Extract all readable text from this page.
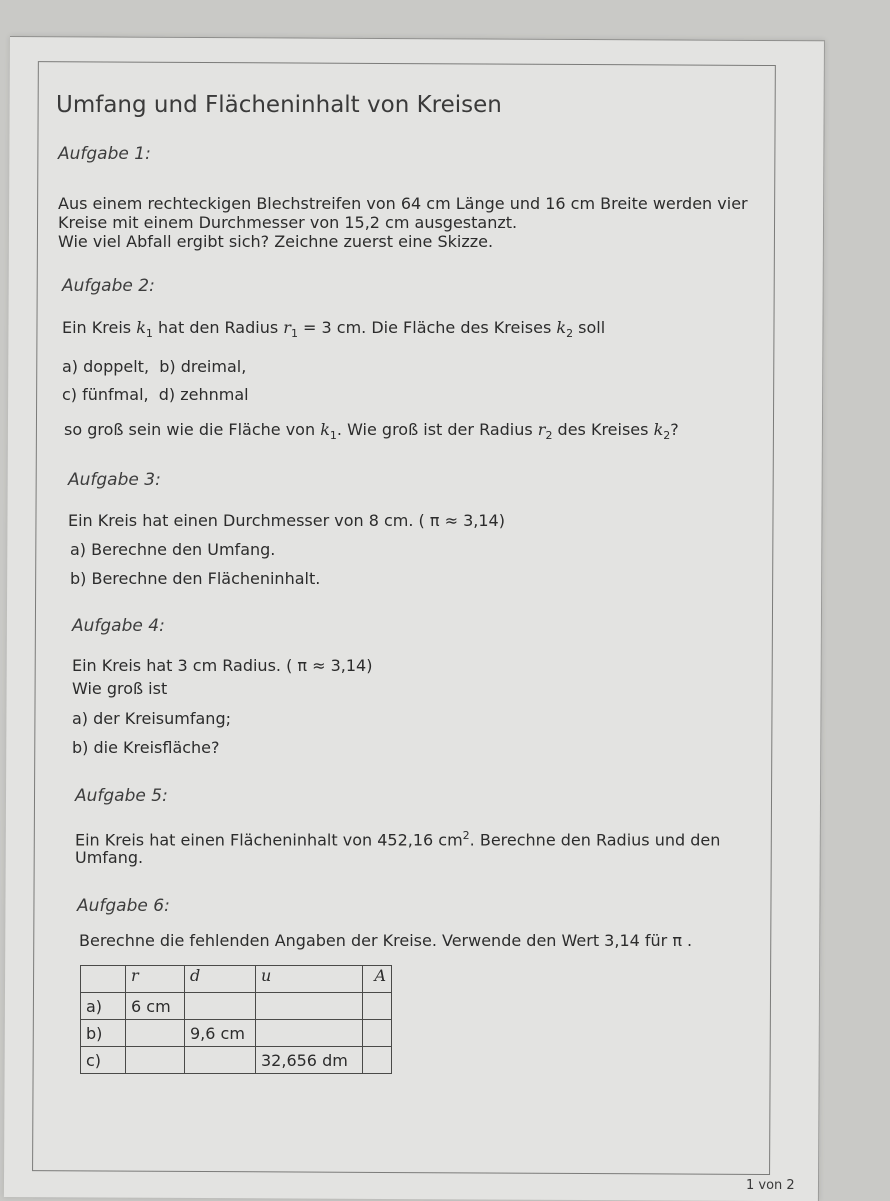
Umfang und Flächeninhalt von Kreisen
Aufgabe 1:
Aus einem rechteckigen Blechstreifen von 64 cm Länge und 16 cm Breite werden vier
Kreise mit einem Durchmesser von 15,2 cm ausgestanzt.
Wie viel Abfall ergibt sich? Zeichne zuerst eine Skizze.
Aufgabe 2:
Ein Kreis $k_1$ hat den Radius $r_1 = 3$ cm. Die Fläche des Kreises $k_2$ soll
a) doppelt,  b) dreimal,
c) fünfmal,  d) zehnmal
so groß sein wie die Fläche von $k_1$. Wie groß ist der Radius $r_2$ des Kreises $k_2$?
Aufgabe 3:
Ein Kreis hat einen Durchmesser von 8 cm. ( π ≈ 3,14)
a) Berechne den Umfang.
b) Berechne den Flächeninhalt.
Aufgabe 4:
Ein Kreis hat 3 cm Radius. ( π ≈ 3,14)
Wie groß ist
a) der Kreisumfang;
b) die Kreisfläche?
Aufgabe 5:
Ein Kreis hat einen Flächeninhalt von 452,16 $cm^2$. Berechne den Radius und den
Umfang.
Aufgabe 6:
Berechne die fehlenden Angaben der Kreise. Verwende den Wert 3,14 für π .
	r	d	u	A
a)	6 cm			
b)		9,6 cm		
c)			32,656 dm	
1 von 2
